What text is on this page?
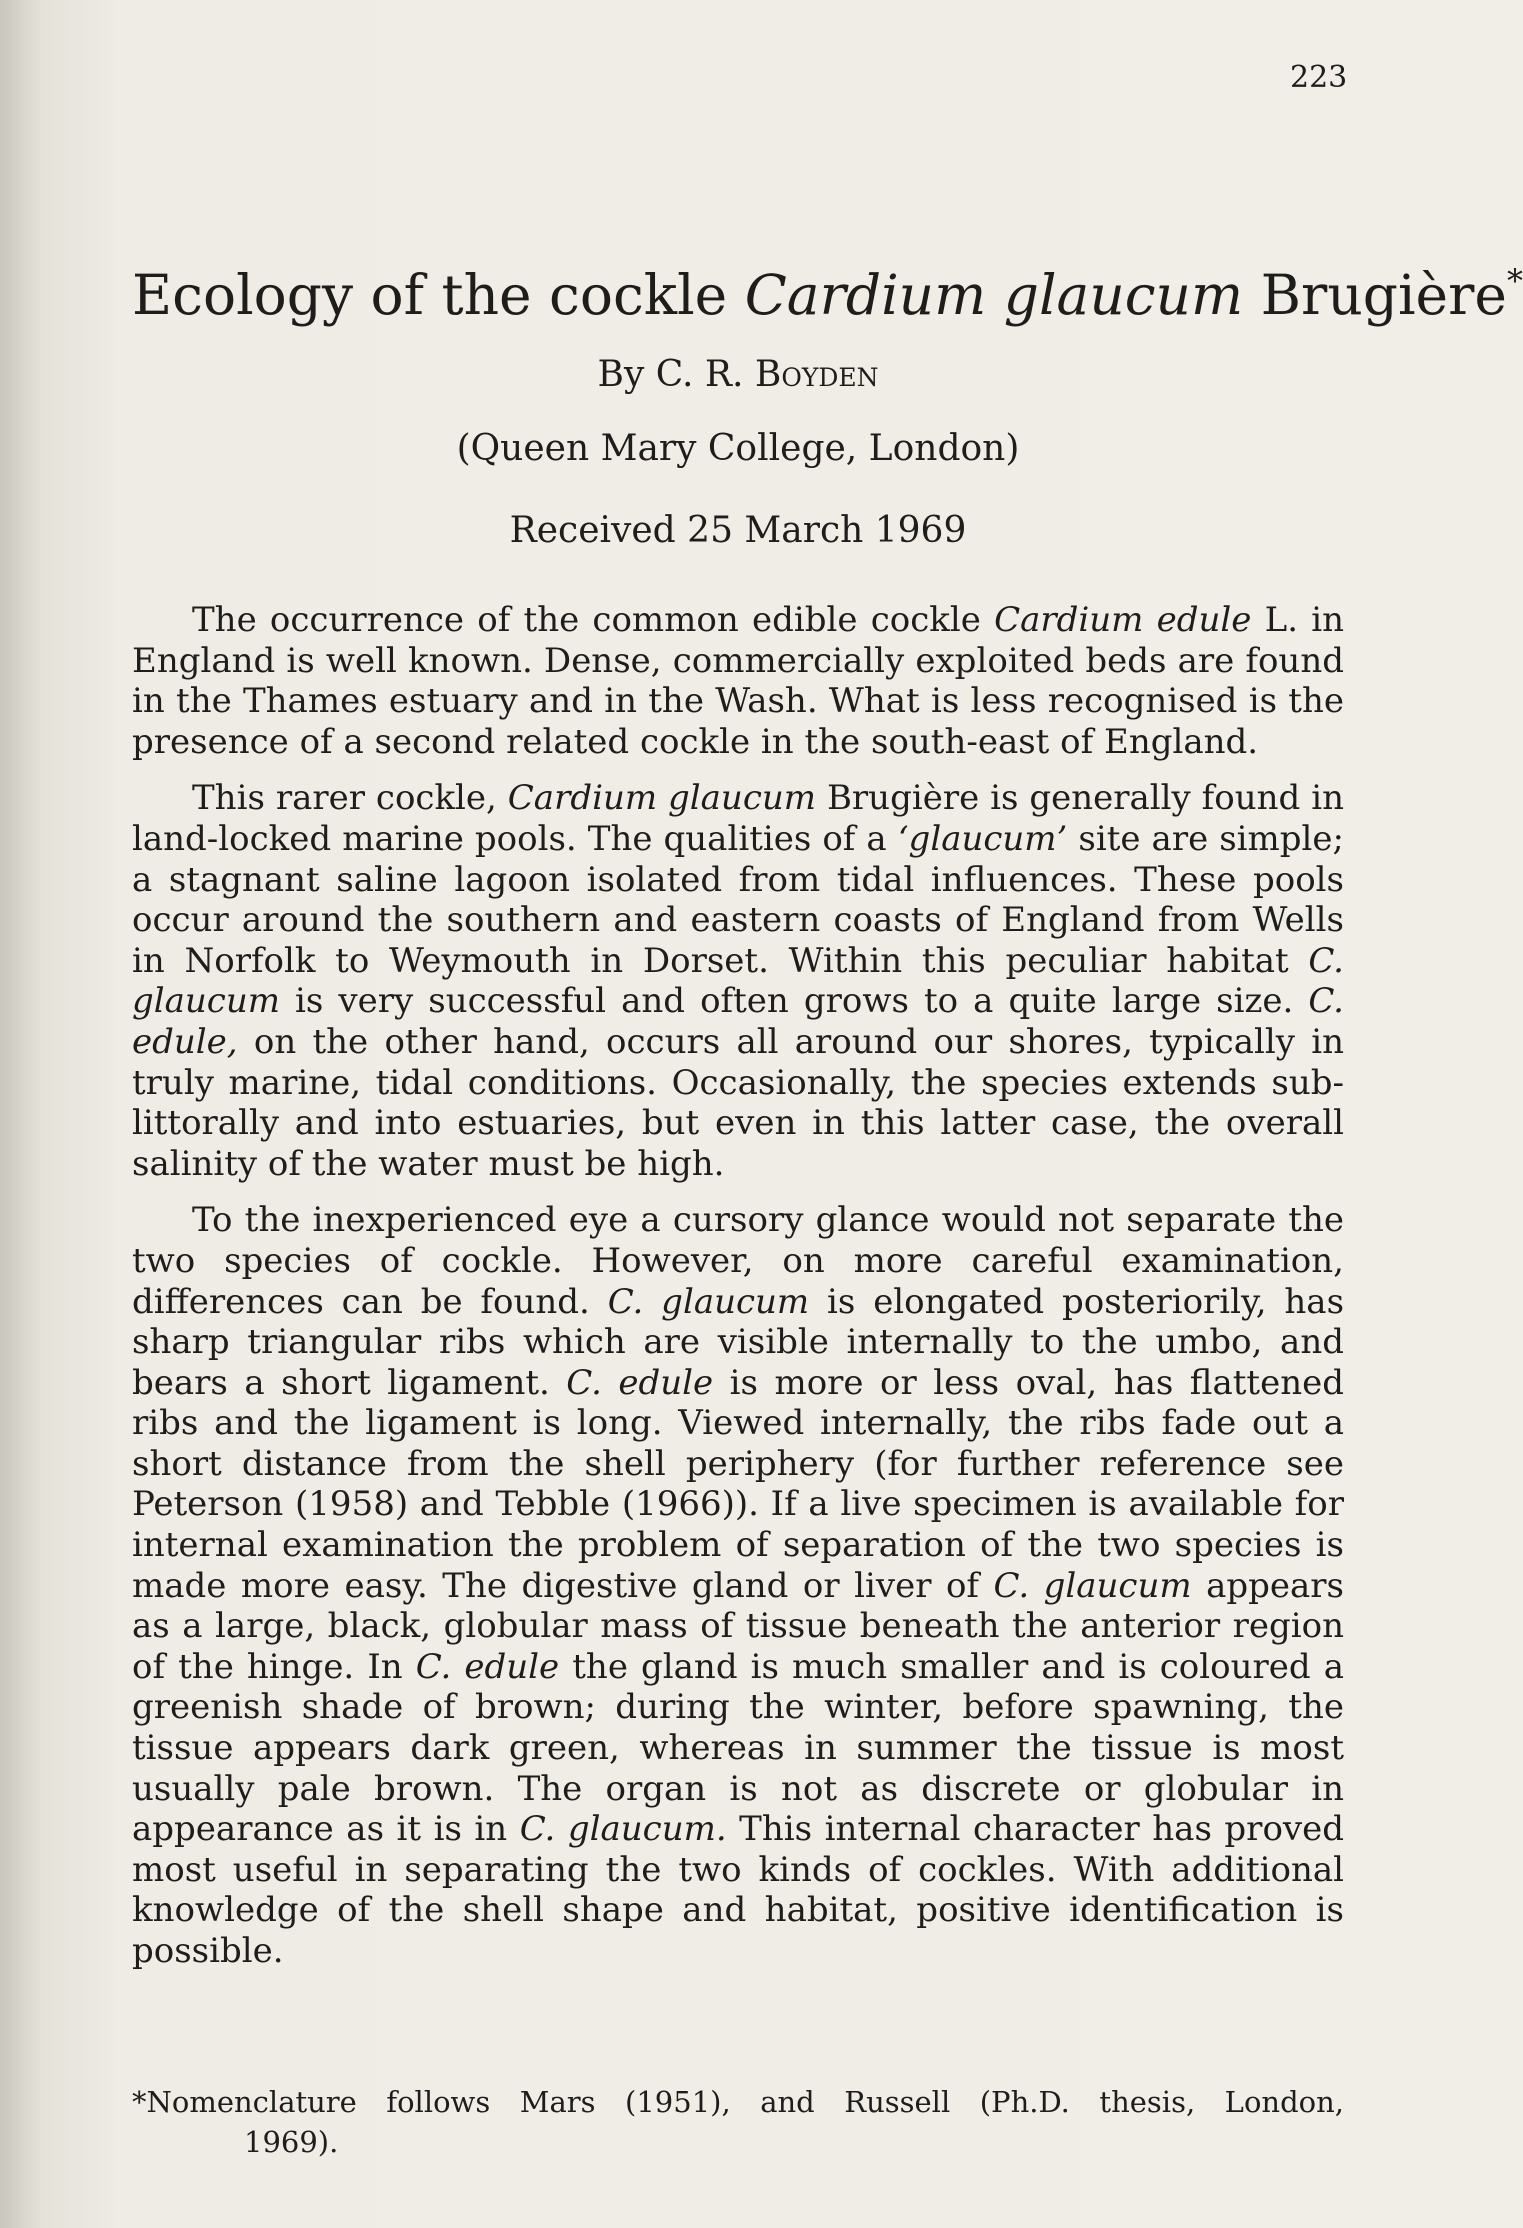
223
Ecology of the cockle Cardium glaucum Brugière*
By C. R. Boyden
(Queen Mary College, London)
Received 25 March 1969

The occurrence of the common edible cockle Cardium edule L. in England is well known. Dense, commercially exploited beds are found in the Thames estuary and in the Wash. What is less recognised is the presence of a second related cockle in the south-east of England.

This rarer cockle, Cardium glaucum Brugière is generally found in land-locked marine pools. The qualities of a ‘glaucum’ site are simple; a stagnant saline lagoon isolated from tidal influences. These pools occur around the southern and eastern coasts of England from Wells in Norfolk to Weymouth in Dorset. Within this peculiar habitat C. glaucum is very successful and often grows to a quite large size. C. edule, on the other hand, occurs all around our shores, typically in truly marine, tidal conditions. Occasionally, the species extends sub-littorally and into estuaries, but even in this latter case, the overall salinity of the water must be high.

To the inexperienced eye a cursory glance would not separate the two species of cockle. However, on more careful examination, differences can be found. C. glaucum is elongated posteriorily, has sharp triangular ribs which are visible internally to the umbo, and bears a short ligament. C. edule is more or less oval, has flattened ribs and the ligament is long. Viewed internally, the ribs fade out a short distance from the shell periphery (for further reference see Peterson (1958) and Tebble (1966)). If a live specimen is available for internal examination the problem of separation of the two species is made more easy. The digestive gland or liver of C. glaucum appears as a large, black, globular mass of tissue beneath the anterior region of the hinge. In C. edule the gland is much smaller and is coloured a greenish shade of brown; during the winter, before spawning, the tissue appears dark green, whereas in summer the tissue is most usually pale brown. The organ is not as discrete or globular in appearance as it is in C. glaucum. This internal character has proved most useful in separating the two kinds of cockles. With additional knowledge of the shell shape and habitat, positive identification is possible.

*Nomenclature follows Mars (1951), and Russell (Ph.D. thesis, London,
1969).
